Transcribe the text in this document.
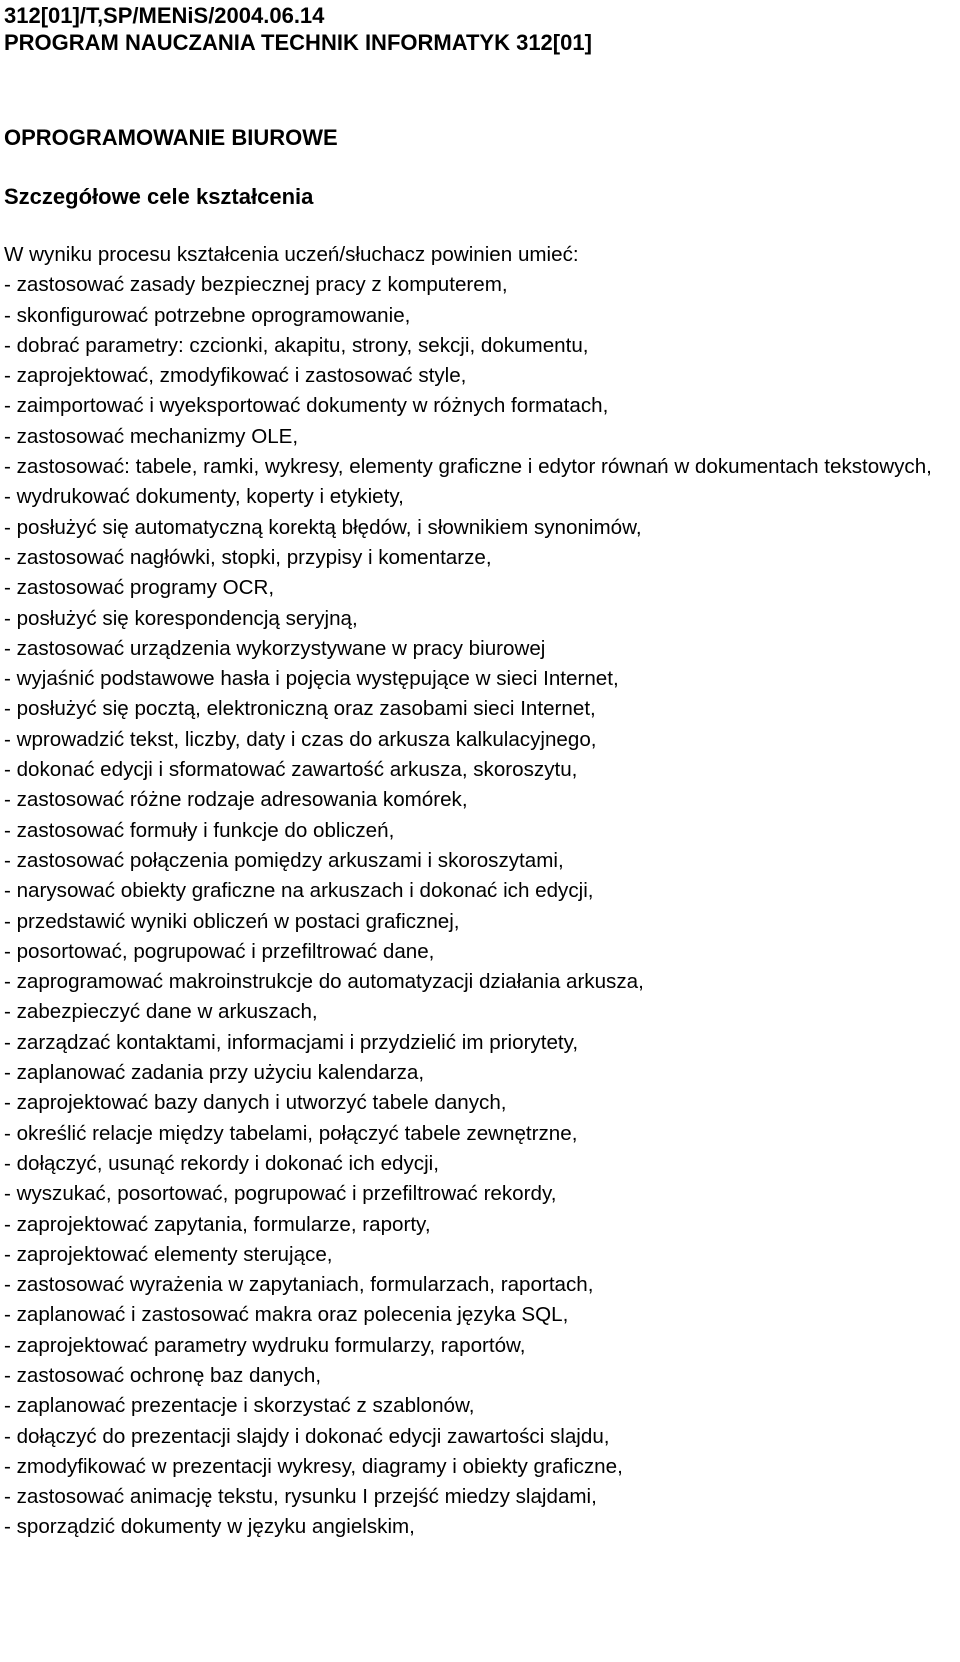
312[01]/T,SP/MENiS/2004.06.14
PROGRAM NAUCZANIA TECHNIK INFORMATYK 312[01]
OPROGRAMOWANIE BIUROWE
Szczegółowe cele kształcenia
W wyniku procesu kształcenia uczeń/słuchacz powinien umieć:
- zastosować zasady bezpiecznej pracy z komputerem,
- skonfigurować potrzebne oprogramowanie,
- dobrać parametry: czcionki, akapitu, strony, sekcji, dokumentu,
- zaprojektować, zmodyfikować i zastosować style,
- zaimportować i wyeksportować dokumenty w różnych formatach,
- zastosować mechanizmy OLE,
- zastosować: tabele, ramki, wykresy, elementy graficzne i edytor równań w dokumentach tekstowych,
- wydrukować dokumenty, koperty i etykiety,
- posłużyć się automatyczną korektą błędów, i słownikiem synonimów,
- zastosować nagłówki, stopki, przypisy i komentarze,
- zastosować programy OCR,
- posłużyć się korespondencją seryjną,
- zastosować urządzenia wykorzystywane w pracy biurowej
- wyjaśnić podstawowe hasła i pojęcia występujące w sieci Internet,
- posłużyć się pocztą, elektroniczną oraz zasobami sieci Internet,
- wprowadzić tekst, liczby, daty i czas do arkusza kalkulacyjnego,
- dokonać edycji i sformatować zawartość arkusza, skoroszytu,
- zastosować różne rodzaje adresowania komórek,
- zastosować formuły i funkcje do obliczeń,
- zastosować połączenia pomiędzy arkuszami i skoroszytami,
- narysować obiekty graficzne na arkuszach i dokonać ich edycji,
- przedstawić wyniki obliczeń w postaci graficznej,
- posortować, pogrupować i przefiltrować dane,
- zaprogramować makroinstrukcje do automatyzacji działania arkusza,
- zabezpieczyć dane w arkuszach,
- zarządzać kontaktami, informacjami i przydzielić im priorytety,
- zaplanować zadania przy użyciu kalendarza,
- zaprojektować bazy danych i utworzyć tabele danych,
- określić relacje między tabelami, połączyć tabele zewnętrzne,
- dołączyć, usunąć rekordy i dokonać ich edycji,
- wyszukać, posortować, pogrupować i przefiltrować rekordy,
- zaprojektować zapytania, formularze, raporty,
- zaprojektować elementy sterujące,
- zastosować wyrażenia w zapytaniach, formularzach, raportach,
- zaplanować i zastosować makra oraz polecenia języka SQL,
- zaprojektować parametry wydruku formularzy, raportów,
- zastosować ochronę baz danych,
- zaplanować prezentacje i skorzystać z szablonów,
- dołączyć do prezentacji slajdy i dokonać edycji zawartości slajdu,
- zmodyfikować w prezentacji wykresy, diagramy i obiekty graficzne,
- zastosować animację tekstu, rysunku I przejść miedzy slajdami,
- sporządzić dokumenty w języku angielskim,
